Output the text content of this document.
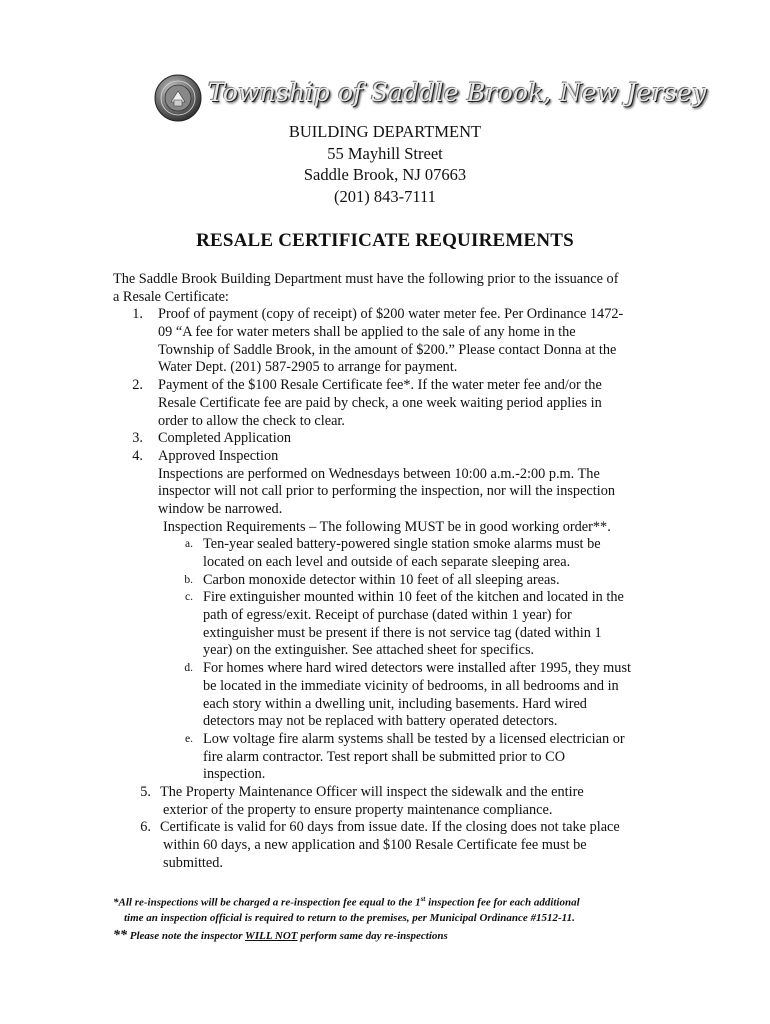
Township of Saddle Brook, New Jersey
BUILDING DEPARTMENT
55 Mayhill Street
Saddle Brook, NJ 07663
(201) 843-7111
RESALE CERTIFICATE REQUIREMENTS
The Saddle Brook Building Department must have the following prior to the issuance of
a Resale Certificate:
1. Proof of payment (copy of receipt) of $200 water meter fee. Per Ordinance 1472-
09 “A fee for water meters shall be applied to the sale of any home in the
Township of Saddle Brook, in the amount of $200.” Please contact Donna at the
Water Dept. (201) 587-2905 to arrange for payment.
2. Payment of the $100 Resale Certificate fee*. If the water meter fee and/or the
Resale Certificate fee are paid by check, a one week waiting period applies in
order to allow the check to clear.
3. Completed Application
4. Approved Inspection
Inspections are performed on Wednesdays between 10:00 a.m.-2:00 p.m. The
inspector will not call prior to performing the inspection, nor will the inspection
window be narrowed.
Inspection Requirements – The following MUST be in good working order**.
a. Ten-year sealed battery-powered single station smoke alarms must be
located on each level and outside of each separate sleeping area.
b. Carbon monoxide detector within 10 feet of all sleeping areas.
c. Fire extinguisher mounted within 10 feet of the kitchen and located in the
path of egress/exit. Receipt of purchase (dated within 1 year) for
extinguisher must be present if there is not service tag (dated within 1
year) on the extinguisher. See attached sheet for specifics.
d. For homes where hard wired detectors were installed after 1995, they must
be located in the immediate vicinity of bedrooms, in all bedrooms and in
each story within a dwelling unit, including basements. Hard wired
detectors may not be replaced with battery operated detectors.
e. Low voltage fire alarm systems shall be tested by a licensed electrician or
fire alarm contractor. Test report shall be submitted prior to CO
inspection.
5. The Property Maintenance Officer will inspect the sidewalk and the entire
exterior of the property to ensure property maintenance compliance.
6. Certificate is valid for 60 days from issue date. If the closing does not take place
within 60 days, a new application and $100 Resale Certificate fee must be
submitted.
*All re-inspections will be charged a re-inspection fee equal to the 1st inspection fee for each additional
time an inspection official is required to return to the premises, per Municipal Ordinance #1512-11.
** Please note the inspector WILL NOT perform same day re-inspections
